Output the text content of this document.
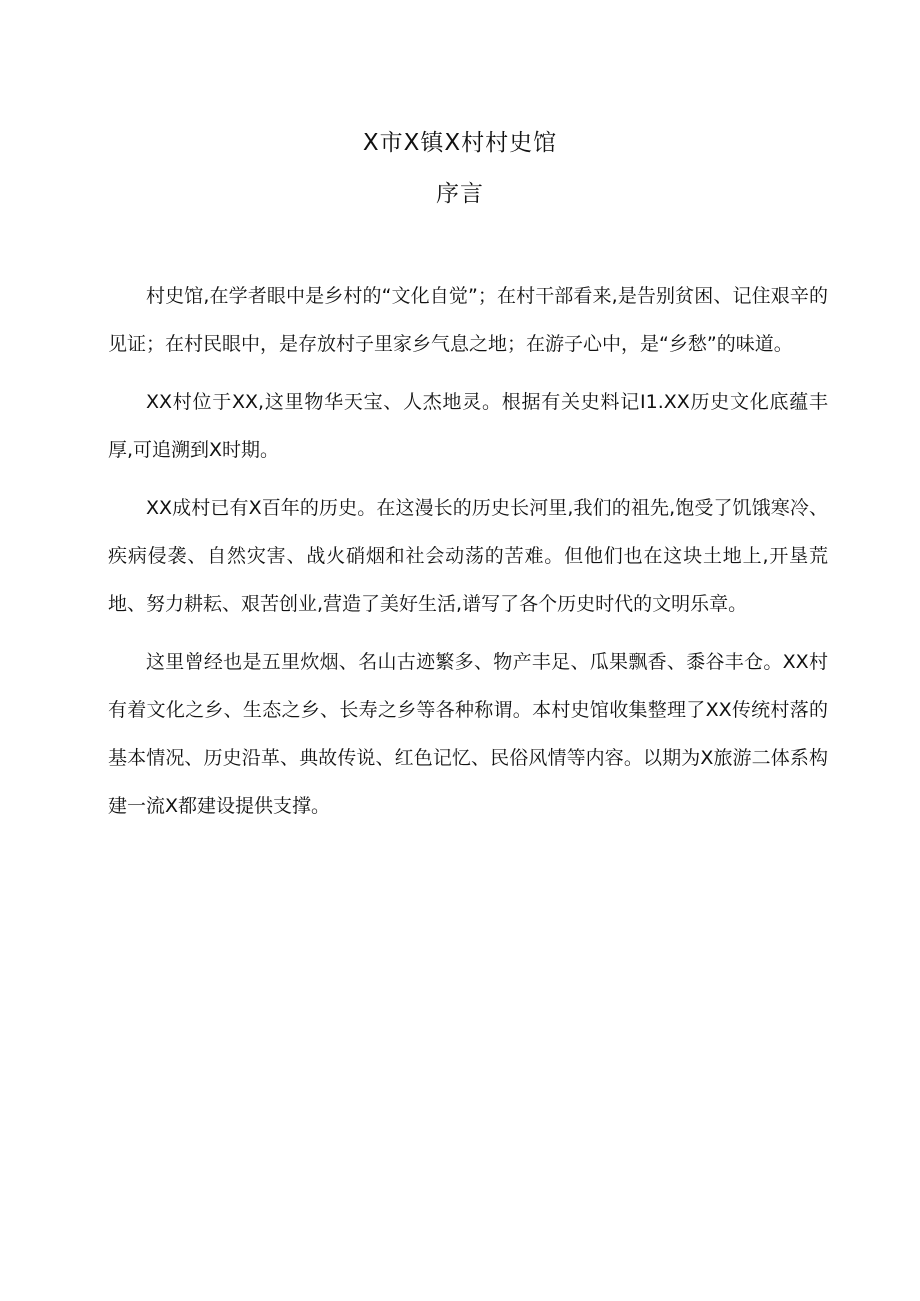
X市X镇X村村史馆
序言

村史馆,在学者眼中是乡村的“文化自觉”；在村干部看来,是告别贫困、记住艰辛的见证；在村民眼中，是存放村子里家乡气息之地；在游子心中，是“乡愁”的味道。

XX村位于XX,这里物华天宝、人杰地灵。根据有关史料记I1.XX历史文化底蕴丰厚,可追溯到X时期。

XX成村已有X百年的历史。在这漫长的历史长河里,我们的祖先,饱受了饥饿寒冷、疾病侵袭、自然灾害、战火硝烟和社会动荡的苦难。但他们也在这块土地上,开垦荒地、努力耕耘、艰苦创业,营造了美好生活,谱写了各个历史时代的文明乐章。

这里曾经也是五里炊烟、名山古迹繁多、物产丰足、瓜果飘香、黍谷丰仓。XX村有着文化之乡、生态之乡、长寿之乡等各种称谓。本村史馆收集整理了XX传统村落的基本情况、历史沿革、典故传说、红色记忆、民俗风情等内容。以期为X旅游二体系构建一流X都建设提供支撑。
